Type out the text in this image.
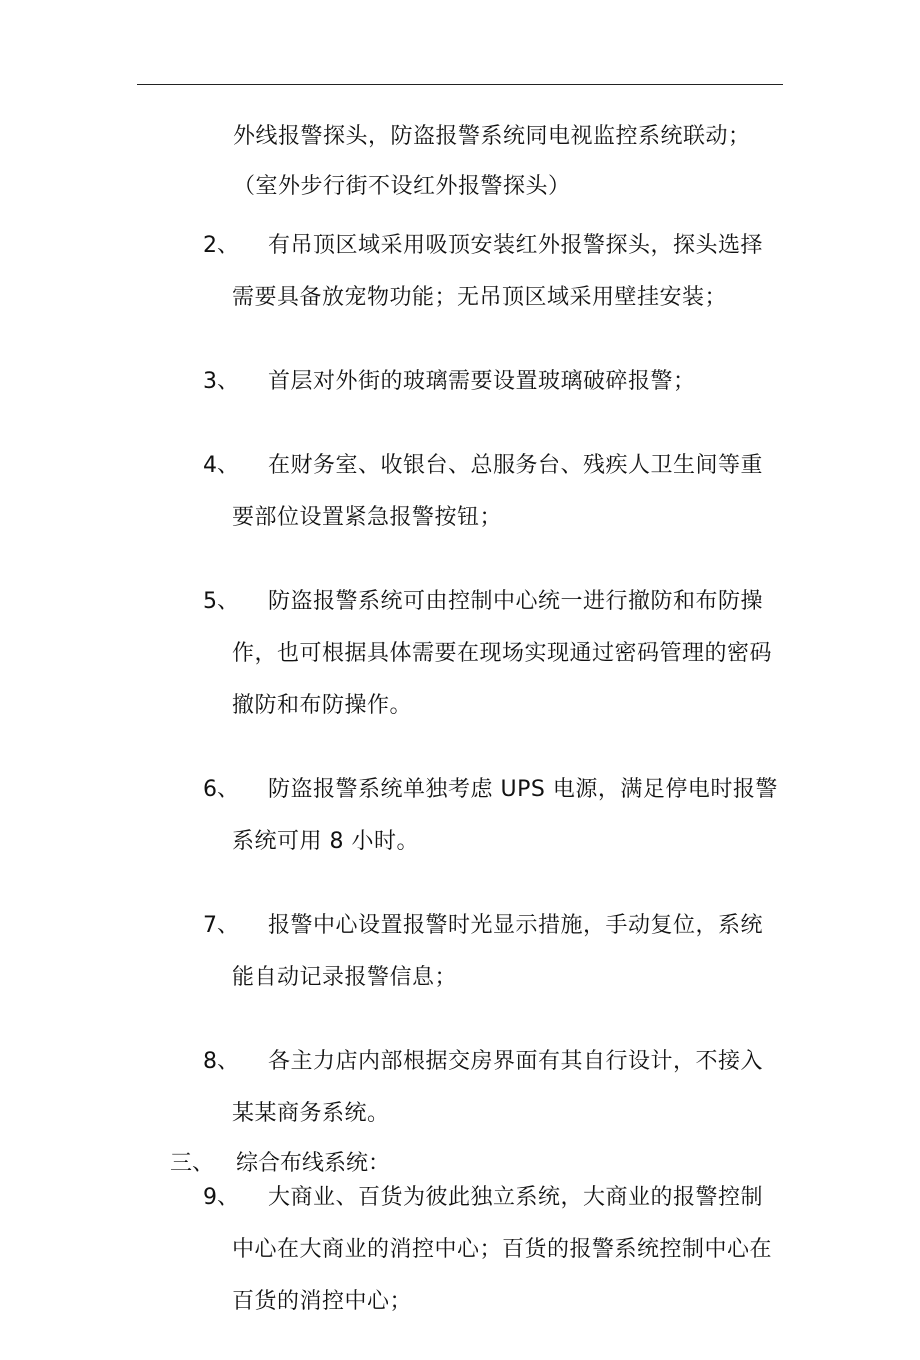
外线报警探头，防盗报警系统同电视监控系统联动；
（室外步行街不设红外报警探头）
2、	有吊顶区域采用吸顶安装红外报警探头，探头选择
需要具备放宠物功能；无吊顶区域采用壁挂安装；
3、	首层对外街的玻璃需要设置玻璃破碎报警；
4、	在财务室、收银台、总服务台、残疾人卫生间等重
要部位设置紧急报警按钮；
5、	防盗报警系统可由控制中心统一进行撤防和布防操
作，也可根据具体需要在现场实现通过密码管理的密码
撤防和布防操作。
6、	防盗报警系统单独考虑 UPS 电源，满足停电时报警
系统可用 8 小时。
7、	报警中心设置报警时光显示措施，手动复位，系统
能自动记录报警信息；
8、	各主力店内部根据交房界面有其自行设计，不接入
某某商务系统。
9、	大商业、百货为彼此独立系统，大商业的报警控制
中心在大商业的消控中心；百货的报警系统控制中心在
百货的消控中心；
三、 综合布线系统：
